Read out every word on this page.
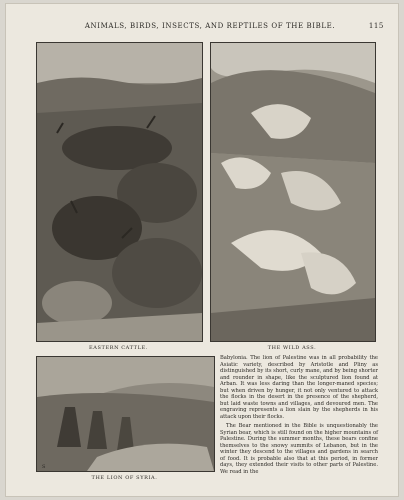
ANIMALS, BIRDS, INSECTS, AND REPTILES OF THE BIBLE.	115
EASTERN CATTLE.	THE WILD ASS.
S
THE LION OF SYRIA.

Babylonia. The lion of Palestine was in all probability the Asiatic variety, described by Aristotle and Pliny as distinguished by its short, curly mane, and by being shorter and rounder in shape, like the sculptured lion found at Arban. It was less daring than the longer-maned species; but when driven by hunger, it not only ventured to attack the flocks in the desert in the presence of the shepherd, but laid waste towns and villages, and devoured men. The engraving represents a lion slain by the shepherds in his attack upon their flocks.

The Bear mentioned in the Bible is unquestionably the Syrian bear, which is still found on the higher mountains of Palestine. During the summer months, these bears confine themselves to the snowy summits of Lebanon, but in the winter they descend to the villages and gardens in search of food. It is probable also that at this period, in former days, they extended their visits to other parts of Palestine. We read in the
